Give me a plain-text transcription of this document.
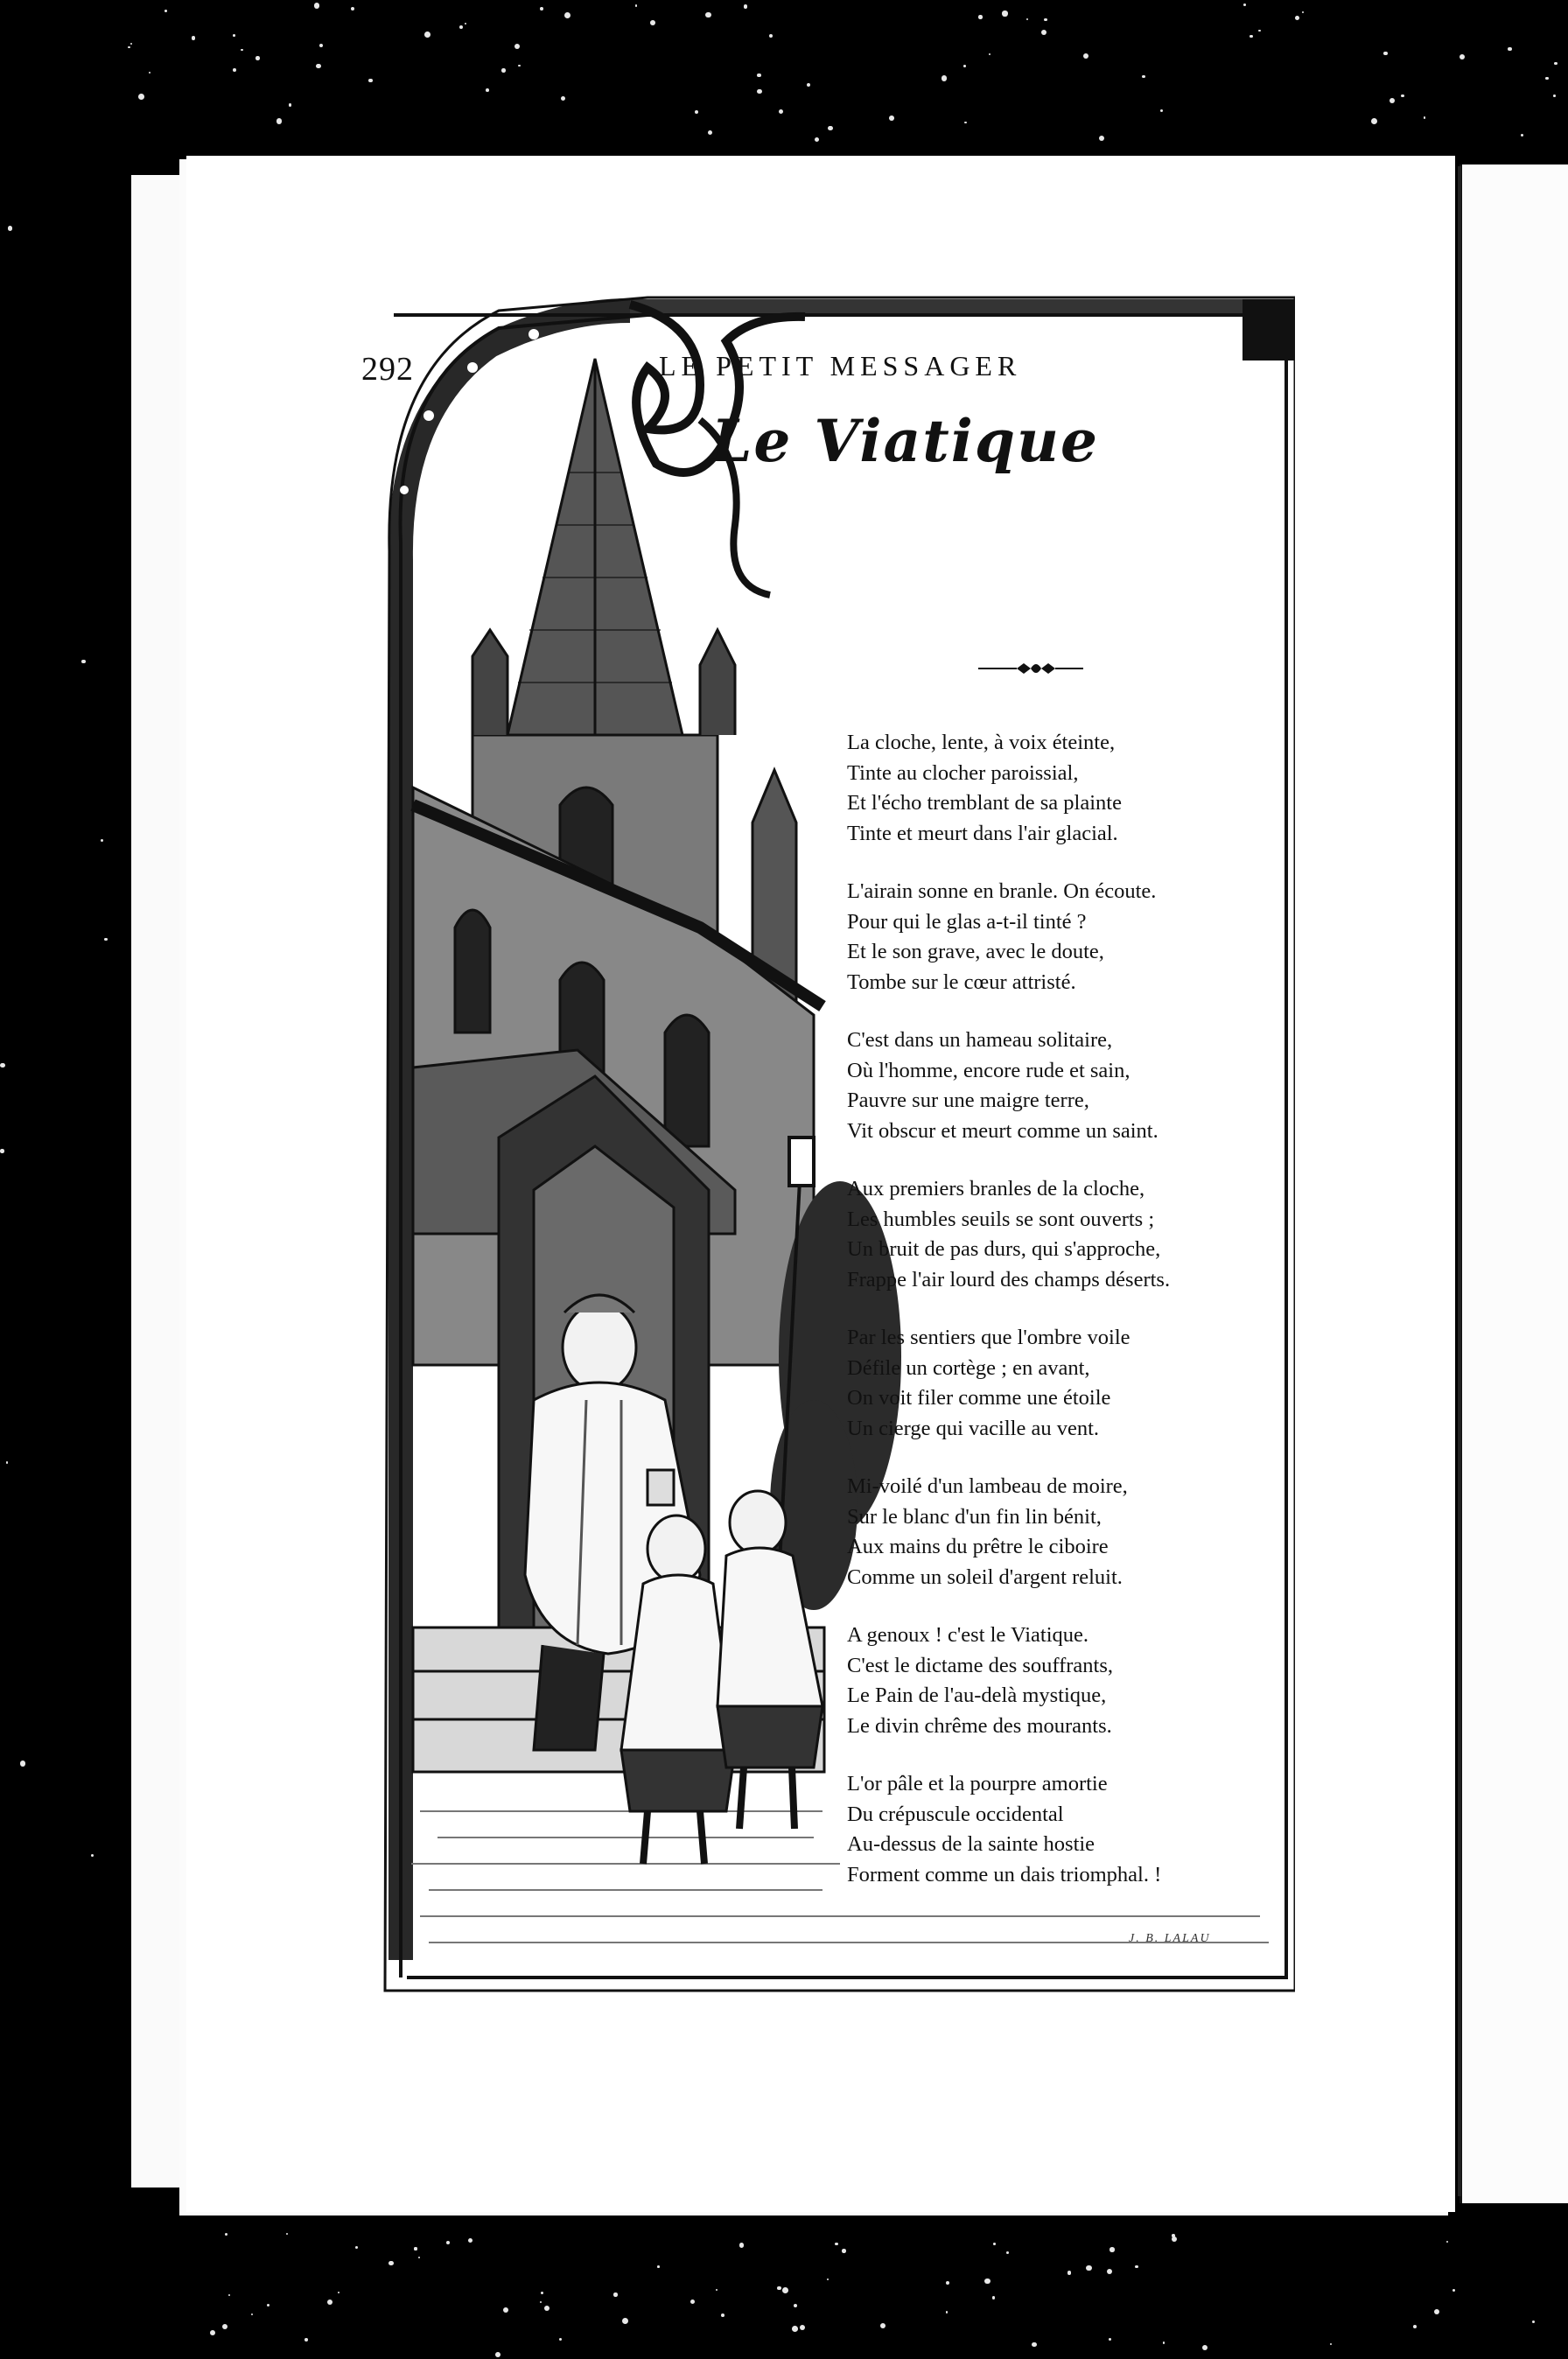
292	LE PETIT MESSAGER
Le Viatique
La cloche, lente, à voix éteinte,
Tinte au clocher paroissial,
Et l'écho tremblant de sa plainte
Tinte et meurt dans l'air glacial.
L'airain sonne en branle. On écoute.
Pour qui le glas a-t-il tinté ?
Et le son grave, avec le doute,
Tombe sur le cœur attristé.
C'est dans un hameau solitaire,
Où l'homme, encore rude et sain,
Pauvre sur une maigre terre,
Vit obscur et meurt comme un saint.
Aux premiers branles de la cloche,
Les humbles seuils se sont ouverts ;
Un bruit de pas durs, qui s'approche,
Frappe l'air lourd des champs déserts.
Par les sentiers que l'ombre voile
Défile un cortège ; en avant,
On voit filer comme une étoile
Un cierge qui vacille au vent.
Mi-voilé d'un lambeau de moire,
Sur le blanc d'un fin lin bénit,
Aux mains du prêtre le ciboire
Comme un soleil d'argent reluit.
A genoux ! c'est le Viatique.
C'est le dictame des souffrants,
Le Pain de l'au-delà mystique,
Le divin chrême des mourants.
L'or pâle et la pourpre amortie
Du crépuscule occidental
Au-dessus de la sainte hostie
Forment comme un dais triomphal. !
J. B. LALAU
